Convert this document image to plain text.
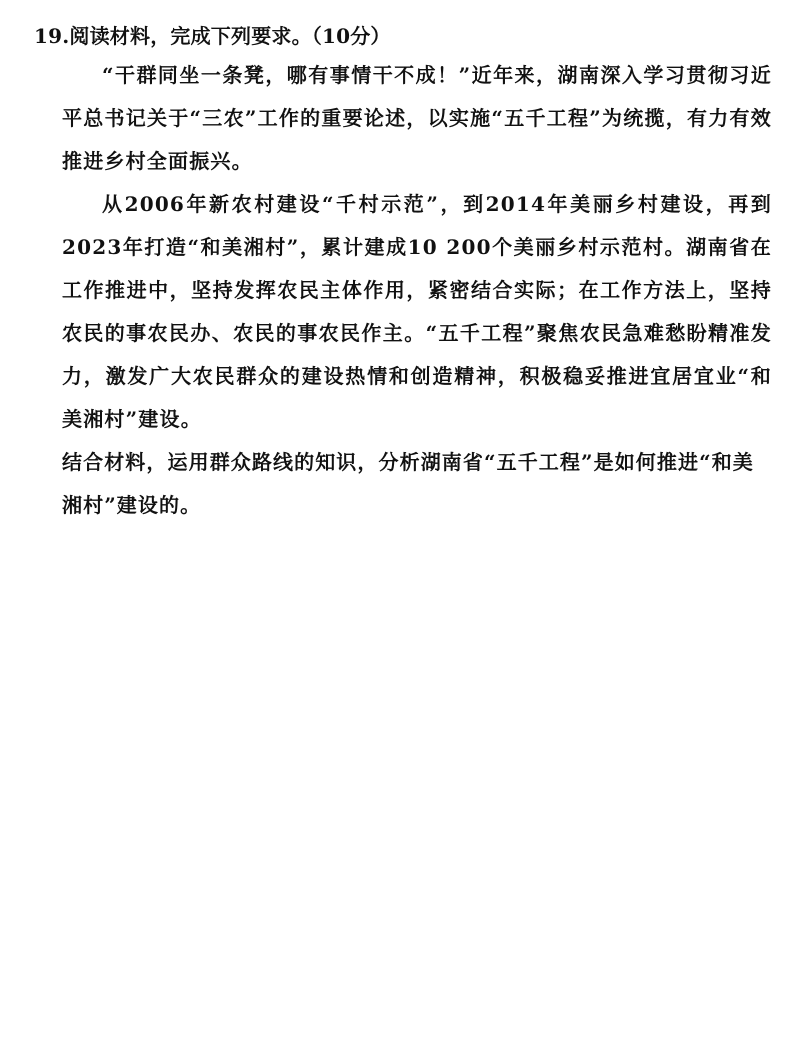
19.阅读材料，完成下列要求。（10分）

“干群同坐一条凳，哪有事情干不成！”近年来，湖南深入学习贯彻习近平总书记关于“三农”工作的重要论述，以实施“五千工程”为统揽，有力有效推进乡村全面振兴。

从2006年新农村建设“千村示范”，到2014年美丽乡村建设，再到2023年打造“和美湘村”，累计建成10 200个美丽乡村示范村。湖南省在工作推进中，坚持发挥农民主体作用，紧密结合实际；在工作方法上，坚持农民的事农民办、农民的事农民作主。“五千工程”聚焦农民急难愁盼精准发力，激发广大农民群众的建设热情和创造精神，积极稳妥推进宜居宜业“和美湘村”建设。

结合材料，运用群众路线的知识，分析湖南省“五千工程”是如何推进“和美湘村”建设的。
